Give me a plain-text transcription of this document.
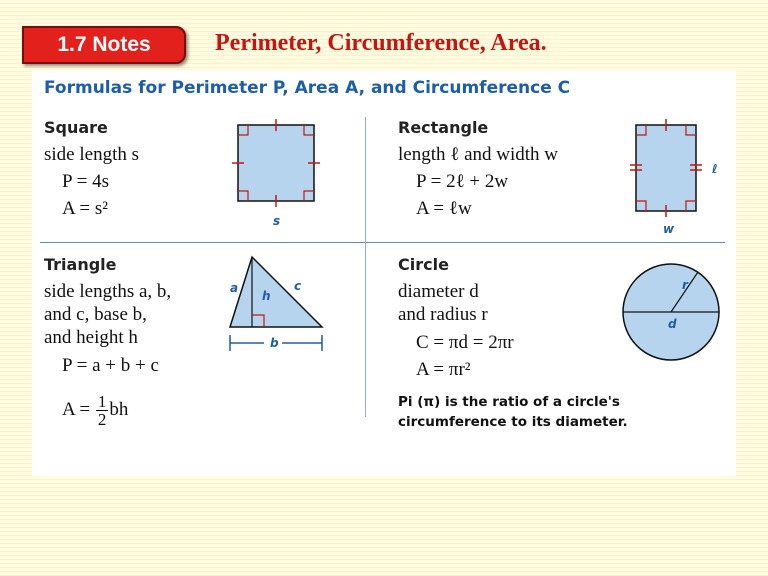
1.7 Notes	Perimeter, Circumference, Area.
Formulas for Perimeter P, Area A, and Circumference C
Square
side length s
P = 4s
A = s²
s
Rectangle
length ℓ and width w
P = 2ℓ + 2w
A = ℓw
ℓ
w
Triangle
side lengths a, b,
and c, base b,
and height h
P = a + b + c
$A = \frac{1}{2}$ bh
a
h
c
b
Circle
diameter d
and radius r
C = πd = 2πr
A = πr²
Pi (π) is the ratio of a circle's
circumference to its diameter.
r
d
